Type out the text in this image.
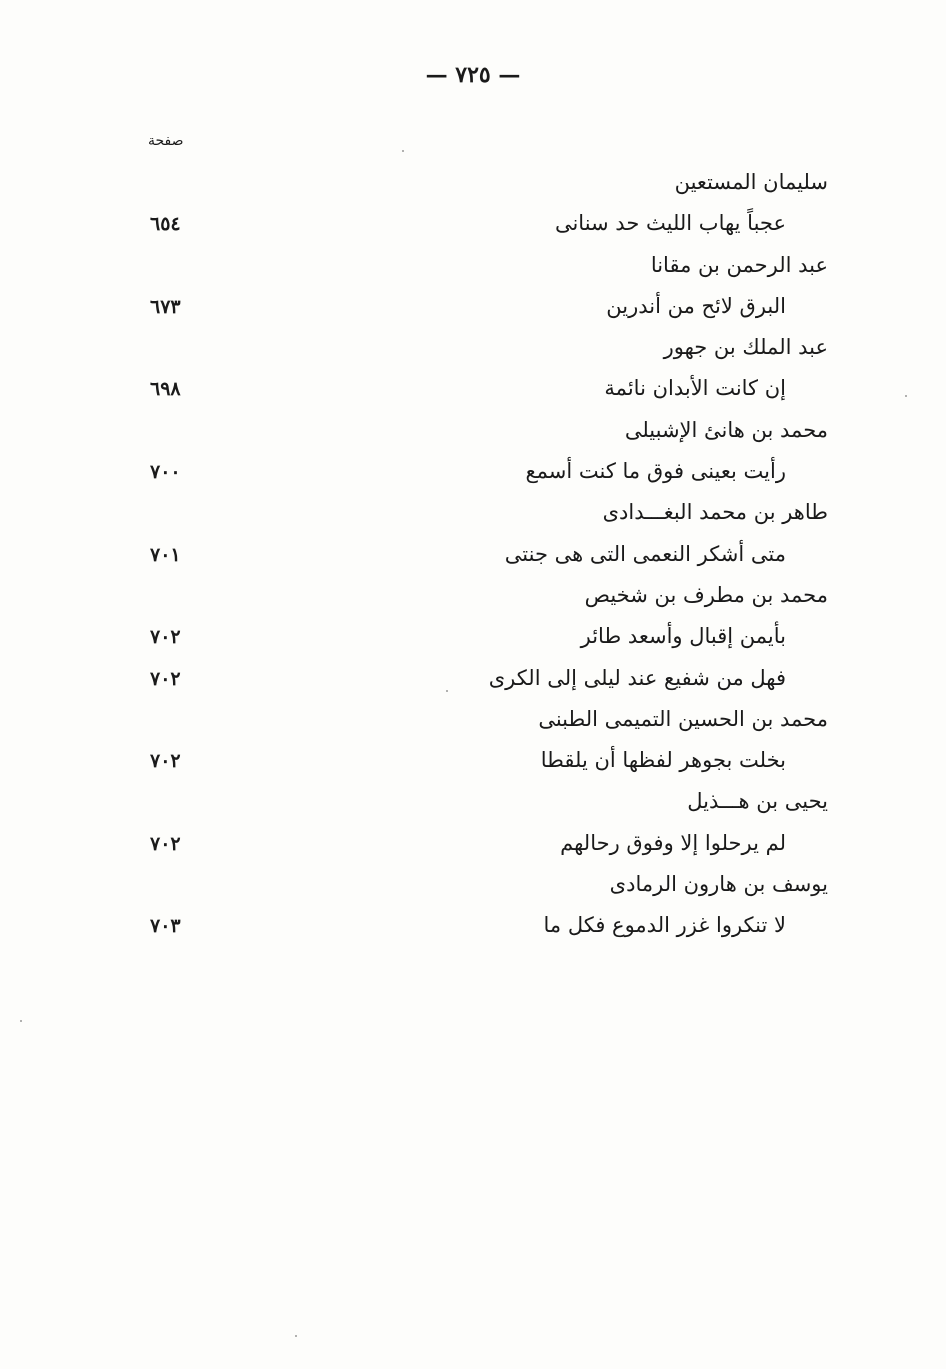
— ٧٢٥ —
صفحة
سليمان المستعين
عجباً يهاب الليث حد سنانى
٦٥٤
عبد الرحمن بن مقانا
البرق لائح من أندرين
٦٧٣
عبد الملك بن جهور
إن كانت الأبدان نائمة
٦٩٨
محمد بن هانئ الإشبيلى
رأيت بعينى فوق ما كنت أسمع
٧٠٠
طاهر بن محمد البغـــدادى
متى أشكر النعمى التى هى جنتى
٧٠١
محمد بن مطرف بن شخيص
بأيمن إقبال وأسعد طائر
٧٠٢
فهل من شفيع عند ليلى إلى الكرى
٧٠٢
محمد بن الحسين التميمى الطبنى
بخلت بجوهر لفظها أن يلقطا
٧٠٢
يحيى بن هـــذيل
لم يرحلوا إلا وفوق رحالهم
٧٠٢
يوسف بن هارون الرمادى
لا تنكروا غزر الدموع فكل ما
٧٠٣
